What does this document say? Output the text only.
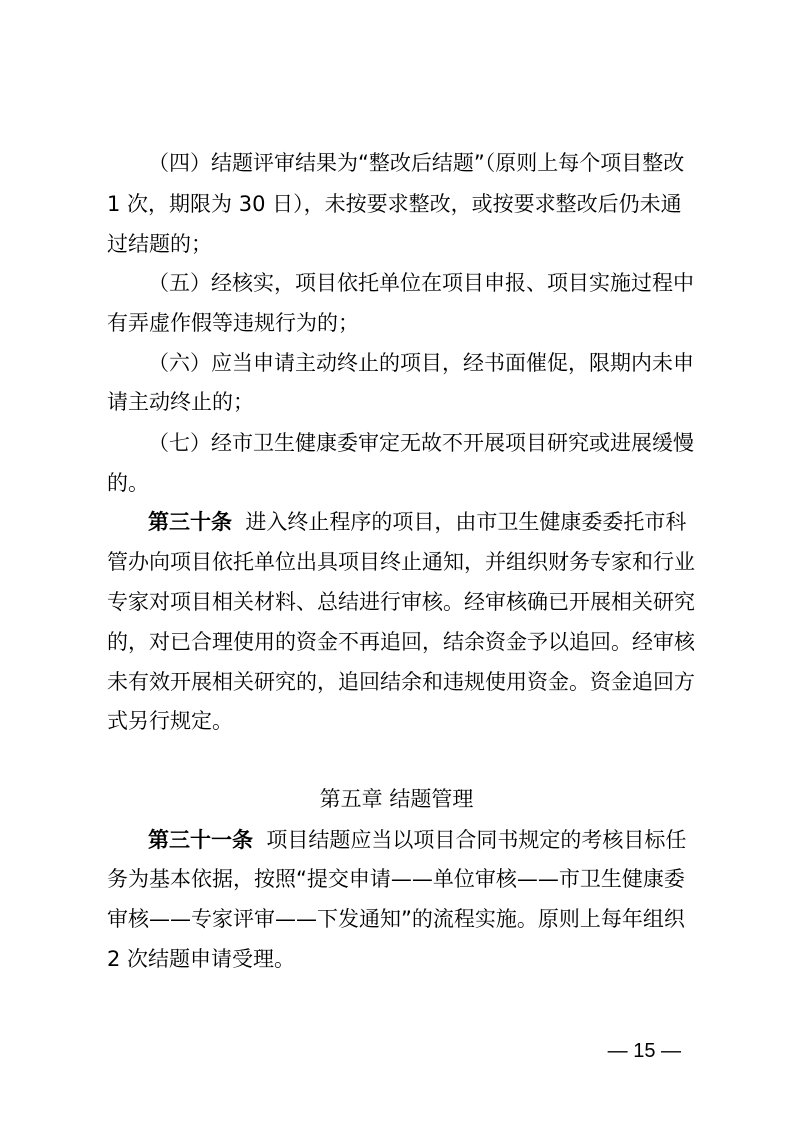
（四）结题评审结果为“整改后结题”（原则上每个项目整改
1 次，期限为 30 日），未按要求整改，或按要求整改后仍未通
过结题的；
（五）经核实，项目依托单位在项目申报、项目实施过程中
有弄虚作假等违规行为的；
（六）应当申请主动终止的项目，经书面催促，限期内未申
请主动终止的；
（七）经市卫生健康委审定无故不开展项目研究或进展缓慢
的。
第三十条 进入终止程序的项目，由市卫生健康委委托市科
管办向项目依托单位出具项目终止通知，并组织财务专家和行业
专家对项目相关材料、总结进行审核。经审核确已开展相关研究
的，对已合理使用的资金不再追回，结余资金予以追回。经审核
未有效开展相关研究的，追回结余和违规使用资金。资金追回方
式另行规定。
第五章 结题管理
第三十一条 项目结题应当以项目合同书规定的考核目标任
务为基本依据，按照“提交申请——单位审核——市卫生健康委
审核——专家评审——下发通知”的流程实施。原则上每年组织
2 次结题申请受理。
— 15 —
